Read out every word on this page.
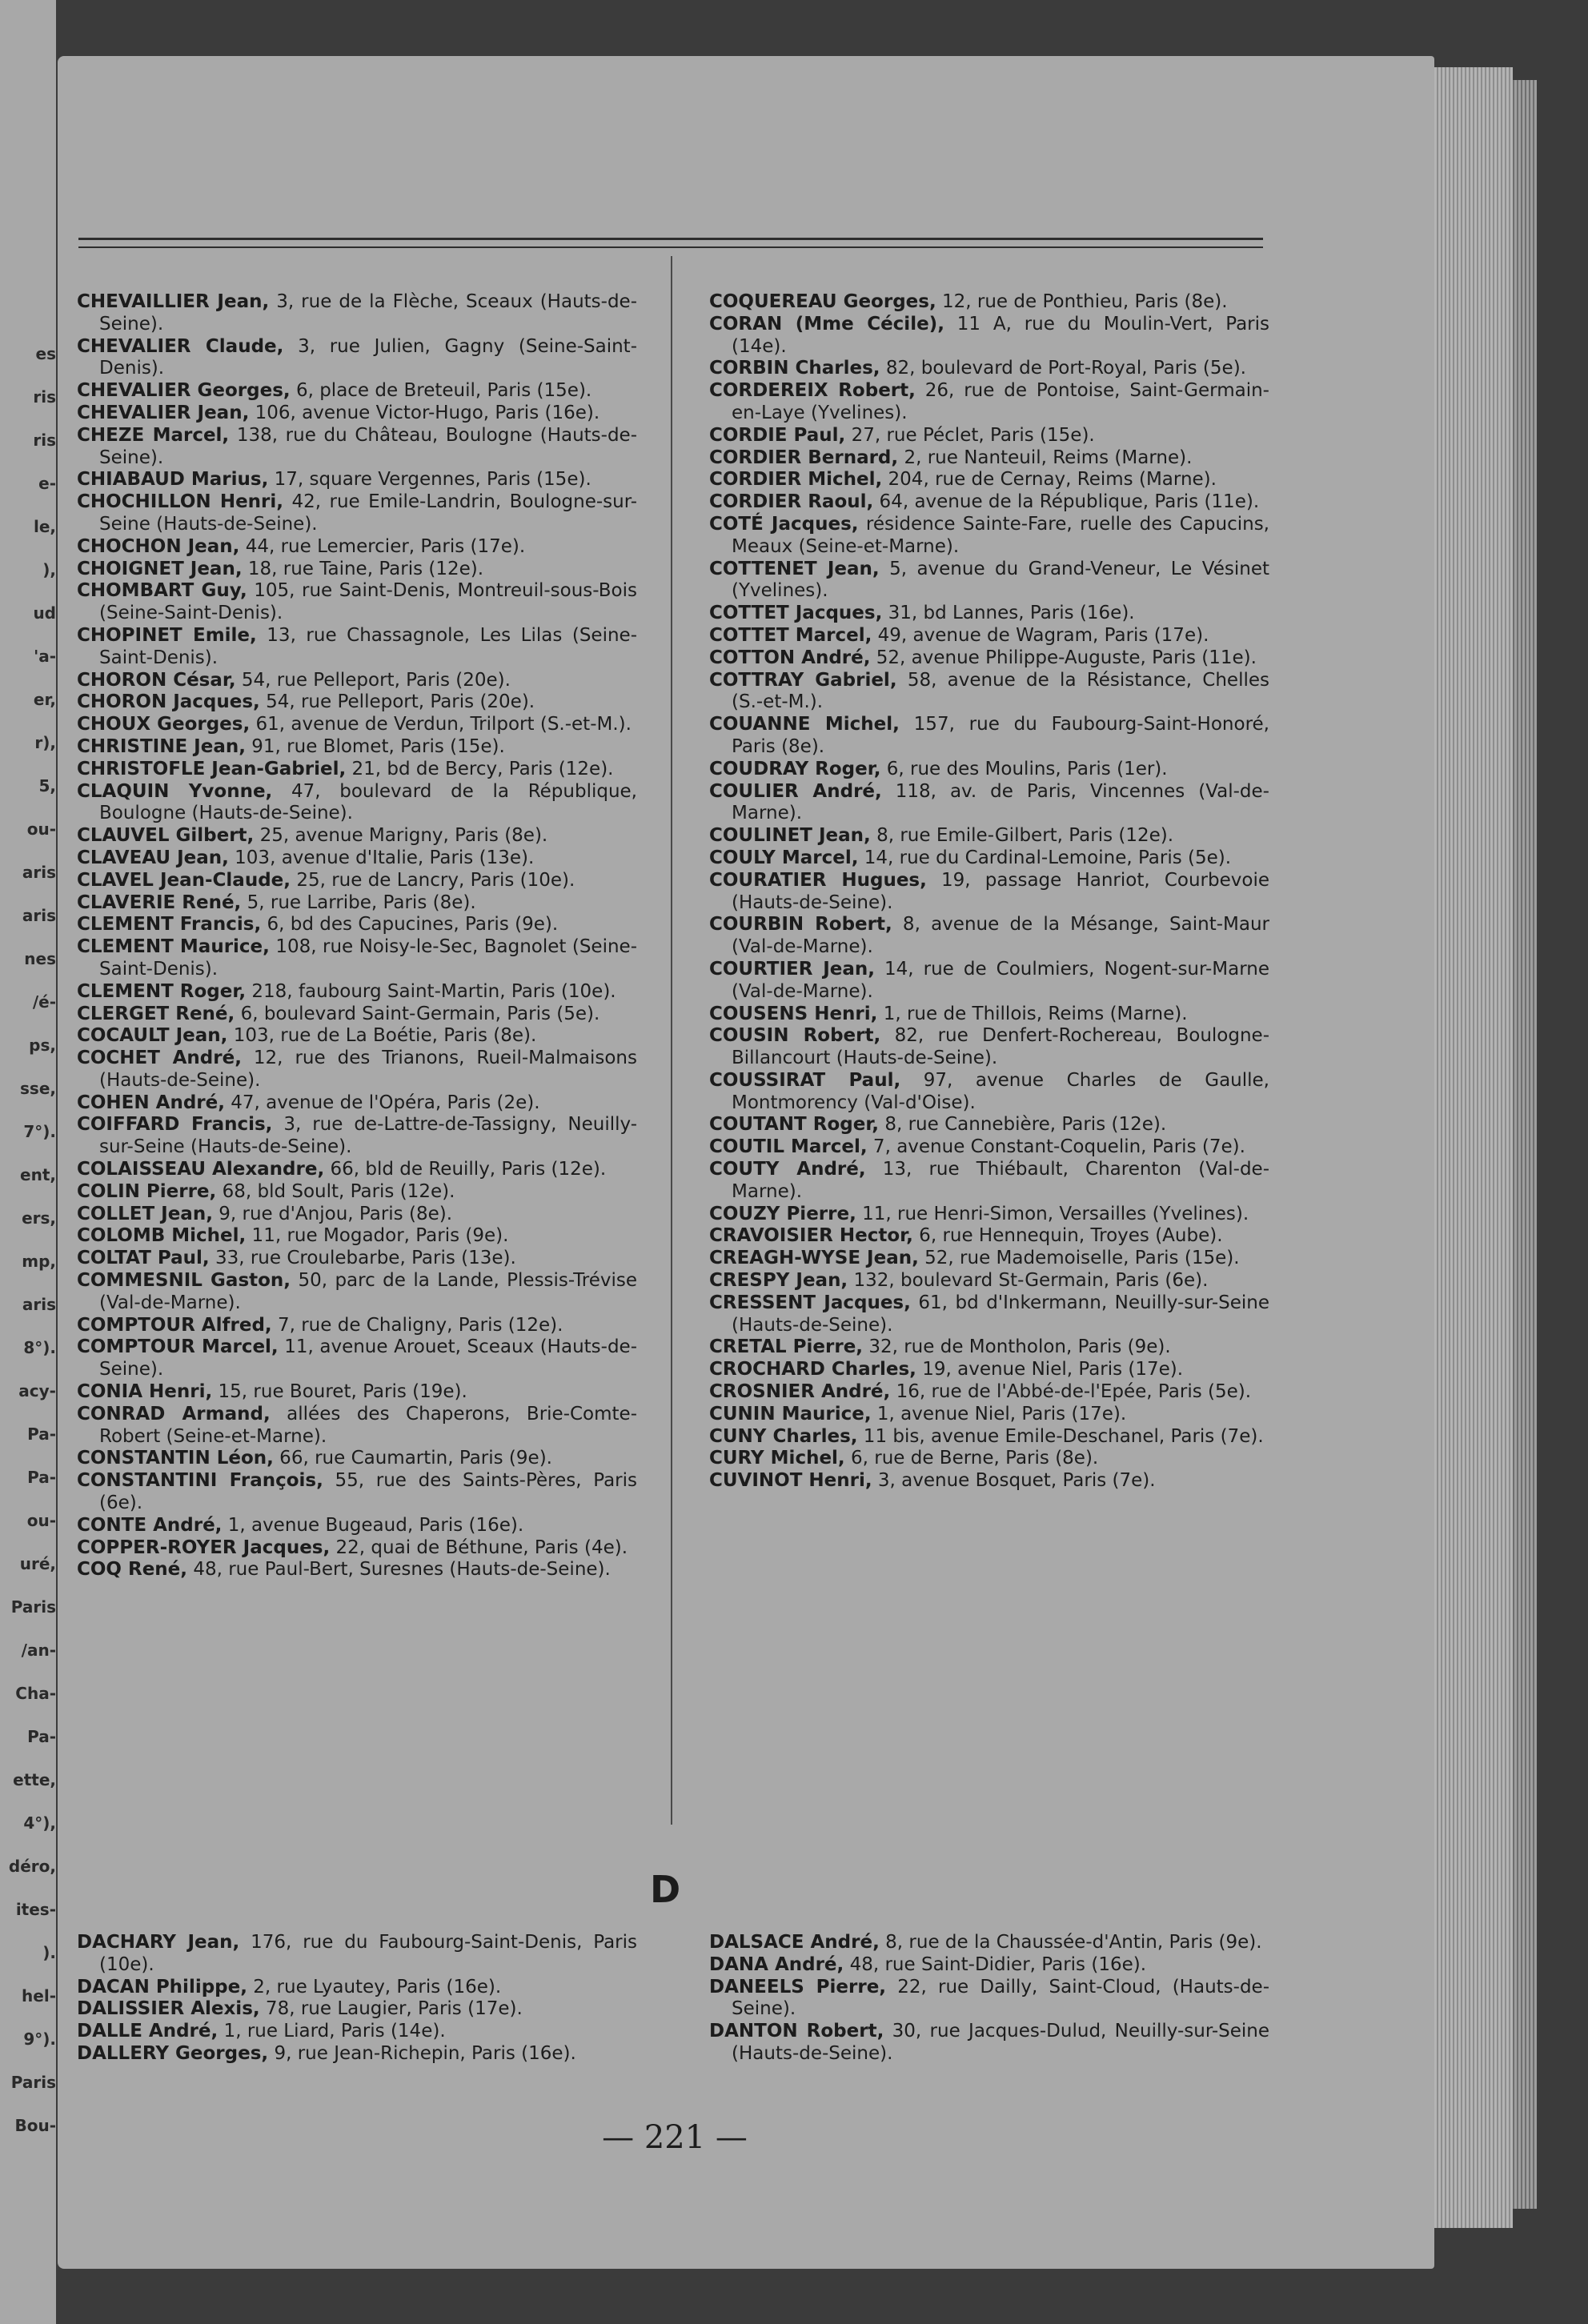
es
ris
ris
e-
le,
),
ud
'a-
er,
r),
5,
ou-
aris
aris
nes
/é-
ps,
sse,
7°).
ent,
ers,
mp,
aris
8°).
acy-
Pa-
Pa-
ou-
uré,
Paris
/an-
Cha-
Pa-
ette,
4°),
déro,
ites-
).
hel-
9°).
Paris
Bou-

CHEVAILLIER Jean, 3, rue de la Flèche, Sceaux (Hauts-de-Seine).

CHEVALIER Claude, 3, rue Julien, Gagny (Seine-Saint-Denis).

CHEVALIER Georges, 6, place de Breteuil, Paris (15e).

CHEVALIER Jean, 106, avenue Victor-Hugo, Paris (16e).

CHEZE Marcel, 138, rue du Château, Boulogne (Hauts-de-Seine).

CHIABAUD Marius, 17, square Vergennes, Paris (15e).

CHOCHILLON Henri, 42, rue Emile-Landrin, Boulogne-sur-Seine (Hauts-de-Seine).

CHOCHON Jean, 44, rue Lemercier, Paris (17e).

CHOIGNET Jean, 18, rue Taine, Paris (12e).

CHOMBART Guy, 105, rue Saint-Denis, Montreuil-sous-Bois (Seine-Saint-Denis).

CHOPINET Emile, 13, rue Chassagnole, Les Lilas (Seine-Saint-Denis).

CHORON César, 54, rue Pelleport, Paris (20e).

CHORON Jacques, 54, rue Pelleport, Paris (20e).

CHOUX Georges, 61, avenue de Verdun, Trilport (S.-et-M.).

CHRISTINE Jean, 91, rue Blomet, Paris (15e).

CHRISTOFLE Jean-Gabriel, 21, bd de Bercy, Paris (12e).

CLAQUIN Yvonne, 47, boulevard de la République, Boulogne (Hauts-de-Seine).

CLAUVEL Gilbert, 25, avenue Marigny, Paris (8e).

CLAVEAU Jean, 103, avenue d'Italie, Paris (13e).

CLAVEL Jean-Claude, 25, rue de Lancry, Paris (10e).

CLAVERIE René, 5, rue Larribe, Paris (8e).

CLEMENT Francis, 6, bd des Capucines, Paris (9e).

CLEMENT Maurice, 108, rue Noisy-le-Sec, Bagnolet (Seine-Saint-Denis).

CLEMENT Roger, 218, faubourg Saint-Martin, Paris (10e).

CLERGET René, 6, boulevard Saint-Germain, Paris (5e).

COCAULT Jean, 103, rue de La Boétie, Paris (8e).

COCHET André, 12, rue des Trianons, Rueil-Malmaisons (Hauts-de-Seine).

COHEN André, 47, avenue de l'Opéra, Paris (2e).

COIFFARD Francis, 3, rue de-Lattre-de-Tassigny, Neuilly-sur-Seine (Hauts-de-Seine).

COLAISSEAU Alexandre, 66, bld de Reuilly, Paris (12e).

COLIN Pierre, 68, bld Soult, Paris (12e).

COLLET Jean, 9, rue d'Anjou, Paris (8e).

COLOMB Michel, 11, rue Mogador, Paris (9e).

COLTAT Paul, 33, rue Croulebarbe, Paris (13e).

COMMESNIL Gaston, 50, parc de la Lande, Plessis-Trévise (Val-de-Marne).

COMPTOUR Alfred, 7, rue de Chaligny, Paris (12e).

COMPTOUR Marcel, 11, avenue Arouet, Sceaux (Hauts-de-Seine).

CONIA Henri, 15, rue Bouret, Paris (19e).

CONRAD Armand, allées des Chaperons, Brie-Comte-Robert (Seine-et-Marne).

CONSTANTIN Léon, 66, rue Caumartin, Paris (9e).

CONSTANTINI François, 55, rue des Saints-Pères, Paris (6e).

CONTE André, 1, avenue Bugeaud, Paris (16e).

COPPER-ROYER Jacques, 22, quai de Béthune, Paris (4e).

COQ René, 48, rue Paul-Bert, Suresnes (Hauts-de-Seine).

COQUEREAU Georges, 12, rue de Ponthieu, Paris (8e).

CORAN (Mme Cécile), 11 A, rue du Moulin-Vert, Paris (14e).

CORBIN Charles, 82, boulevard de Port-Royal, Paris (5e).

CORDEREIX Robert, 26, rue de Pontoise, Saint-Germain-en-Laye (Yvelines).

CORDIE Paul, 27, rue Péclet, Paris (15e).

CORDIER Bernard, 2, rue Nanteuil, Reims (Marne).

CORDIER Michel, 204, rue de Cernay, Reims (Marne).

CORDIER Raoul, 64, avenue de la République, Paris (11e).

COTÉ Jacques, résidence Sainte-Fare, ruelle des Capucins, Meaux (Seine-et-Marne).

COTTENET Jean, 5, avenue du Grand-Veneur, Le Vésinet (Yvelines).

COTTET Jacques, 31, bd Lannes, Paris (16e).

COTTET Marcel, 49, avenue de Wagram, Paris (17e).

COTTON André, 52, avenue Philippe-Auguste, Paris (11e).

COTTRAY Gabriel, 58, avenue de la Résistance, Chelles (S.-et-M.).

COUANNE Michel, 157, rue du Faubourg-Saint-Honoré, Paris (8e).

COUDRAY Roger, 6, rue des Moulins, Paris (1er).

COULIER André, 118, av. de Paris, Vincennes (Val-de-Marne).

COULINET Jean, 8, rue Emile-Gilbert, Paris (12e).

COULY Marcel, 14, rue du Cardinal-Lemoine, Paris (5e).

COURATIER Hugues, 19, passage Hanriot, Courbevoie (Hauts-de-Seine).

COURBIN Robert, 8, avenue de la Mésange, Saint-Maur (Val-de-Marne).

COURTIER Jean, 14, rue de Coulmiers, Nogent-sur-Marne (Val-de-Marne).

COUSENS Henri, 1, rue de Thillois, Reims (Marne).

COUSIN Robert, 82, rue Denfert-Rochereau, Boulogne-Billancourt (Hauts-de-Seine).

COUSSIRAT Paul, 97, avenue Charles de Gaulle, Montmorency (Val-d'Oise).

COUTANT Roger, 8, rue Cannebière, Paris (12e).

COUTIL Marcel, 7, avenue Constant-Coquelin, Paris (7e).

COUTY André, 13, rue Thiébault, Charenton (Val-de-Marne).

COUZY Pierre, 11, rue Henri-Simon, Versailles (Yvelines).

CRAVOISIER Hector, 6, rue Hennequin, Troyes (Aube).

CREAGH-WYSE Jean, 52, rue Mademoiselle, Paris (15e).

CRESPY Jean, 132, boulevard St-Germain, Paris (6e).

CRESSENT Jacques, 61, bd d'Inkermann, Neuilly-sur-Seine (Hauts-de-Seine).

CRETAL Pierre, 32, rue de Montholon, Paris (9e).

CROCHARD Charles, 19, avenue Niel, Paris (17e).

CROSNIER André, 16, rue de l'Abbé-de-l'Epée, Paris (5e).

CUNIN Maurice, 1, avenue Niel, Paris (17e).

CUNY Charles, 11 bis, avenue Emile-Deschanel, Paris (7e).

CURY Michel, 6, rue de Berne, Paris (8e).

CUVINOT Henri, 3, avenue Bosquet, Paris (7e).

D

DACHARY Jean, 176, rue du Faubourg-Saint-Denis, Paris (10e).

DACAN Philippe, 2, rue Lyautey, Paris (16e).

DALISSIER Alexis, 78, rue Laugier, Paris (17e).

DALLE André, 1, rue Liard, Paris (14e).

DALLERY Georges, 9, rue Jean-Richepin, Paris (16e).

DALSACE André, 8, rue de la Chaussée-d'Antin, Paris (9e).

DANA André, 48, rue Saint-Didier, Paris (16e).

DANEELS Pierre, 22, rue Dailly, Saint-Cloud, (Hauts-de-Seine).

DANTON Robert, 30, rue Jacques-Dulud, Neuilly-sur-Seine (Hauts-de-Seine).

— 221 —
